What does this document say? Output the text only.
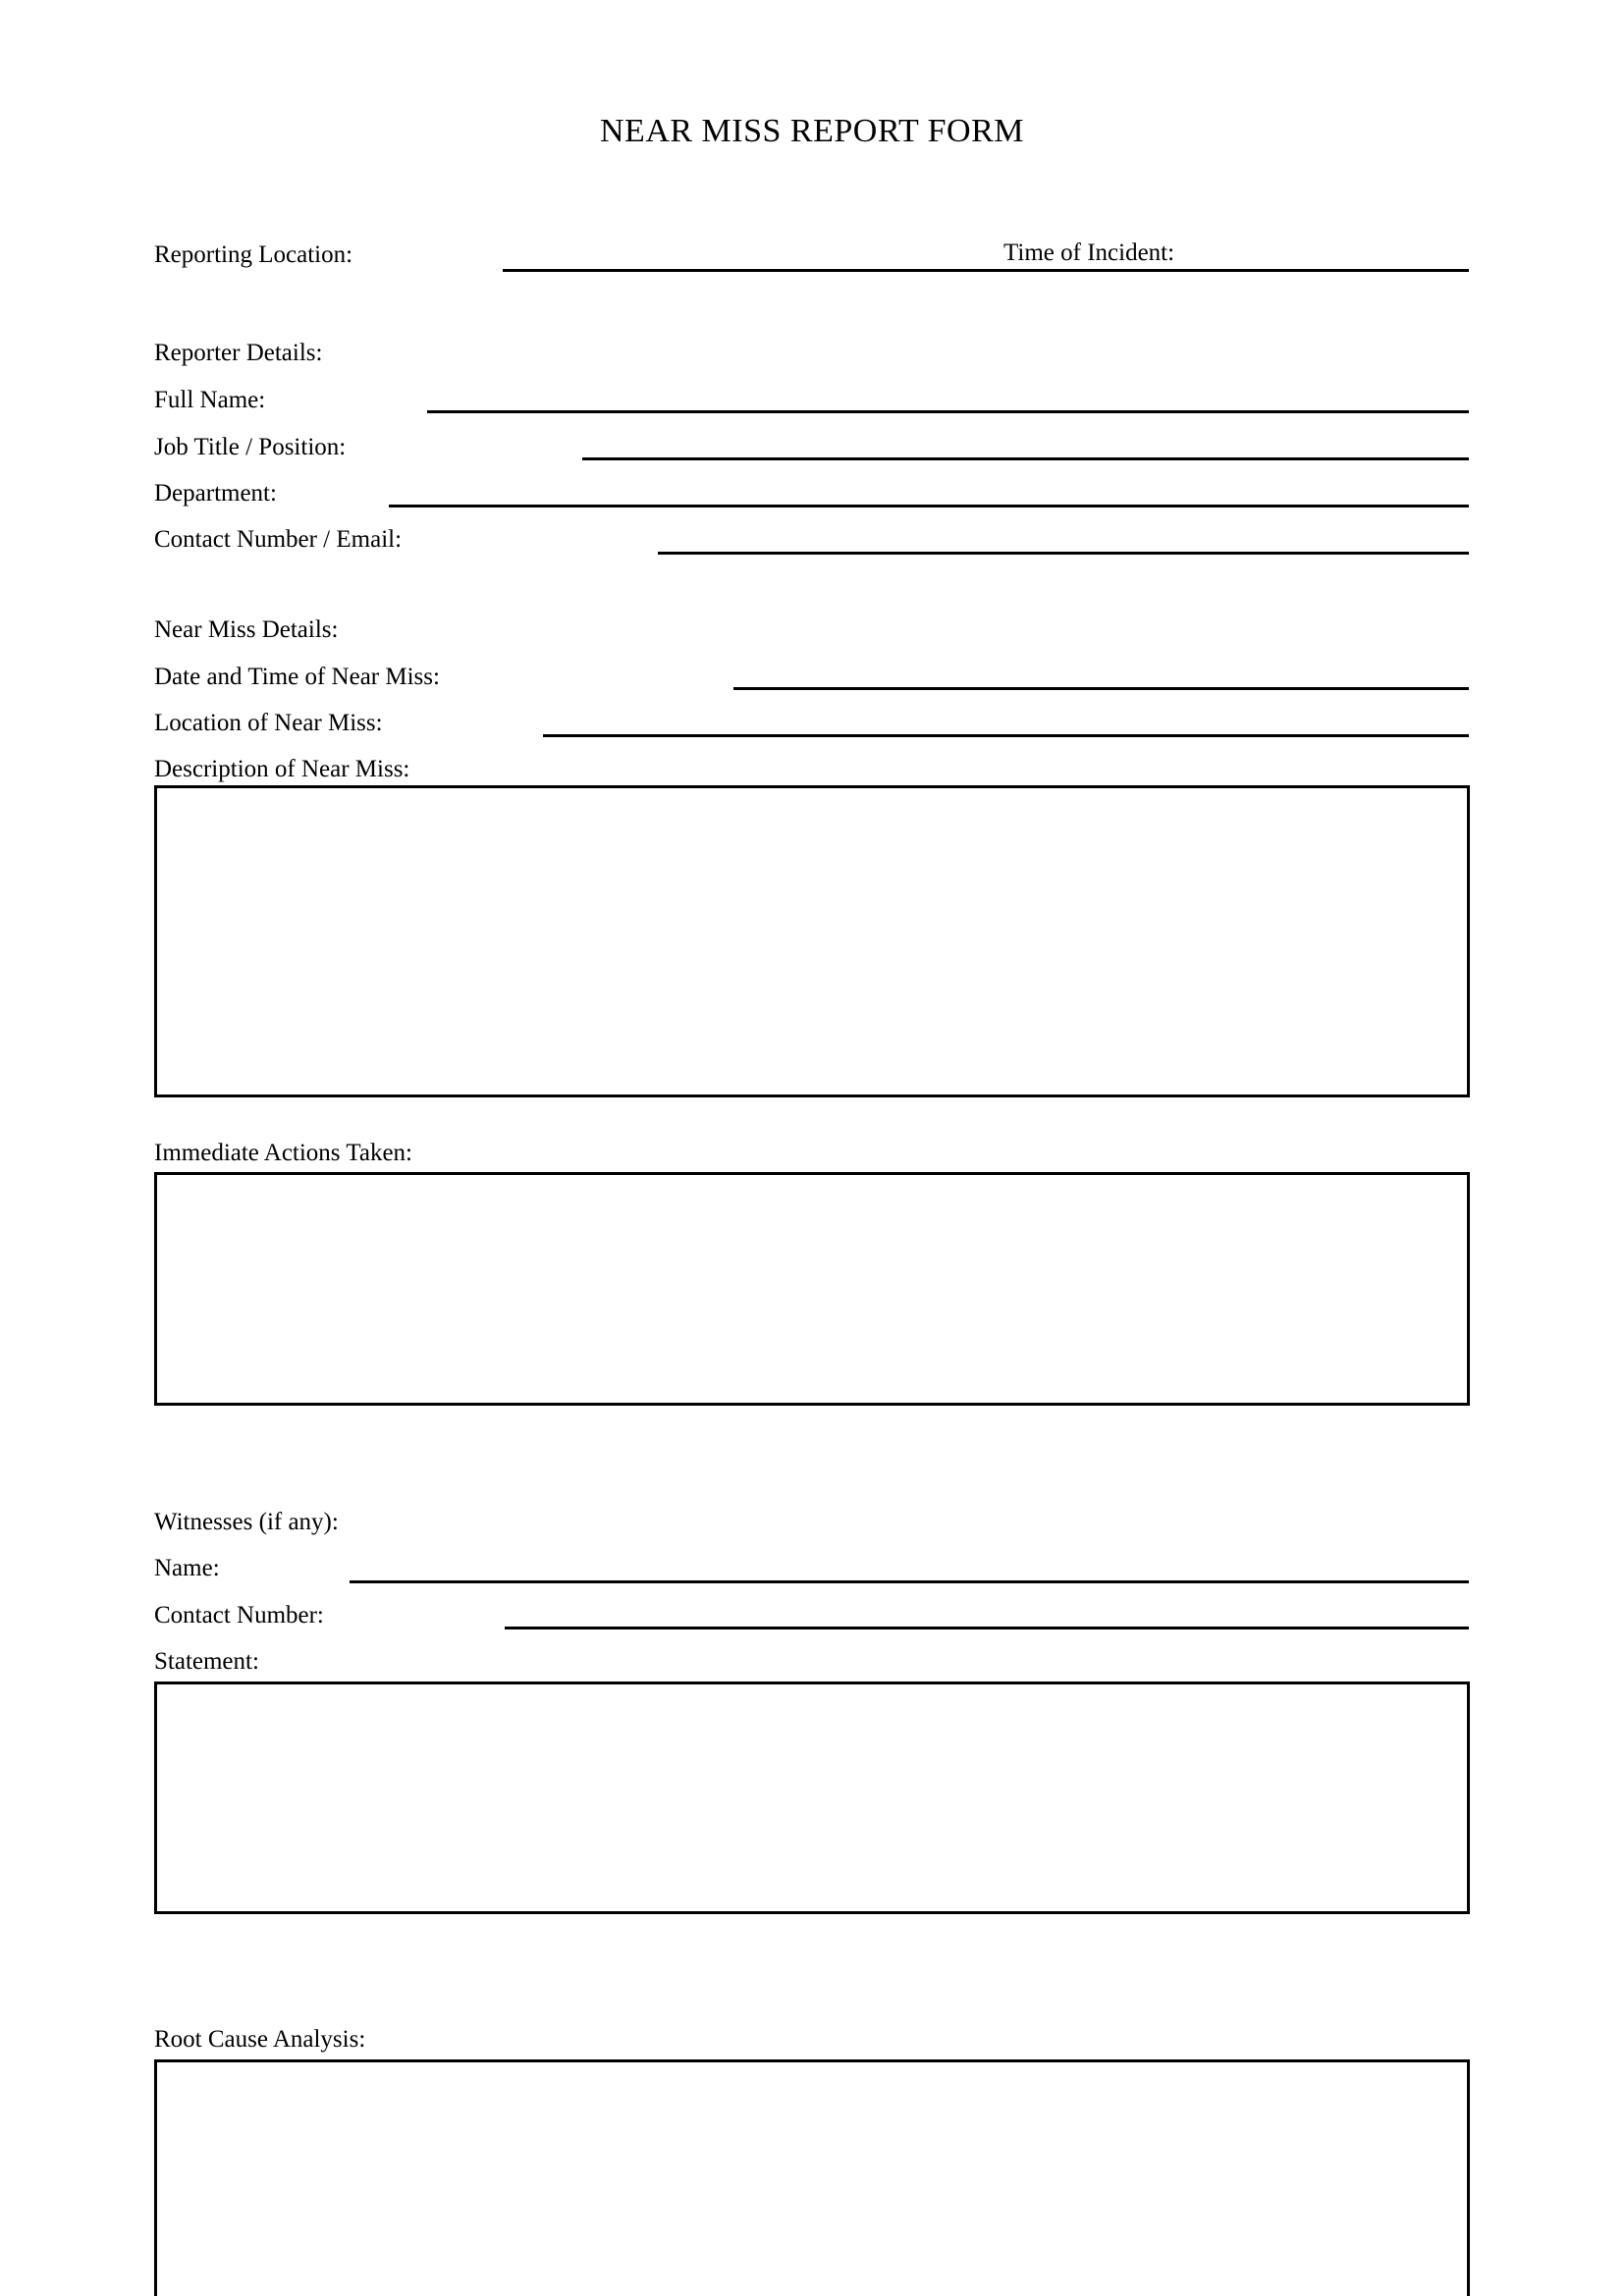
NEAR MISS REPORT FORM
Reporting Location:	Time of Incident:
Reporter Details:
Full Name:
Job Title / Position:
Department:
Contact Number / Email:
Near Miss Details:
Date and Time of Near Miss:
Location of Near Miss:
Description of Near Miss:
Immediate Actions Taken:
Witnesses (if any):
Name:
Contact Number:
Statement:
Root Cause Analysis:
